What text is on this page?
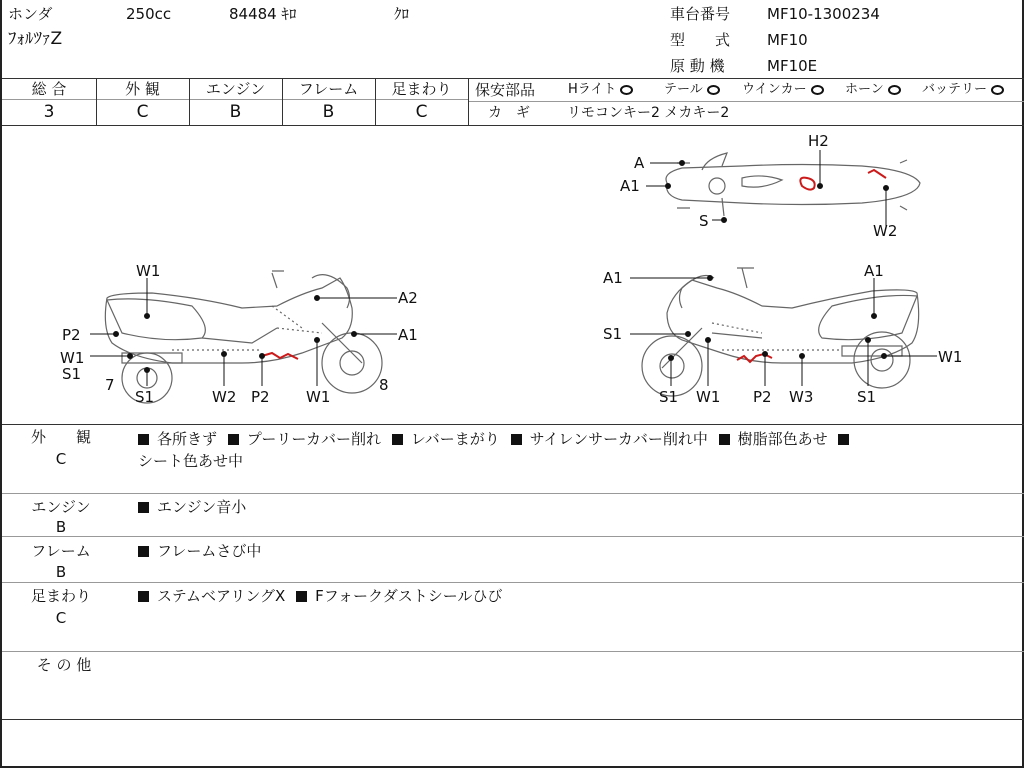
ホンダ	250cc	84484 ｷﾛ	ｸﾛ
ﾌｫﾙﾂｧZ
車台番号 MF10-1300234
型　　式 MF10
原 動 機	MF10E
総 合	外 観	エンジン	フレーム	足まわり
3	C	B	B	C
保安部品	Hライト	テール	ウインカー	ホーン	バッテリー
カ　ギ	リモコンキー2 メカキー2
W1
A2
A1
P2
W1
S1
7
S1	W2 P2 W1
8
A1
S1
A1
W1
S1 W1 P2 W3	S1
H2
A
A1
S
W2
外　　観
C
各所きず プーリーカバー削れ レバーまがり サイレンサーカバー削れ中 樹脂部色あせ
シート色あせ中
エンジン
B
エンジン音小
フレーム
B
フレームさび中
足まわり
C
ステムベアリングX Fフォークダストシールひび
そ の 他
